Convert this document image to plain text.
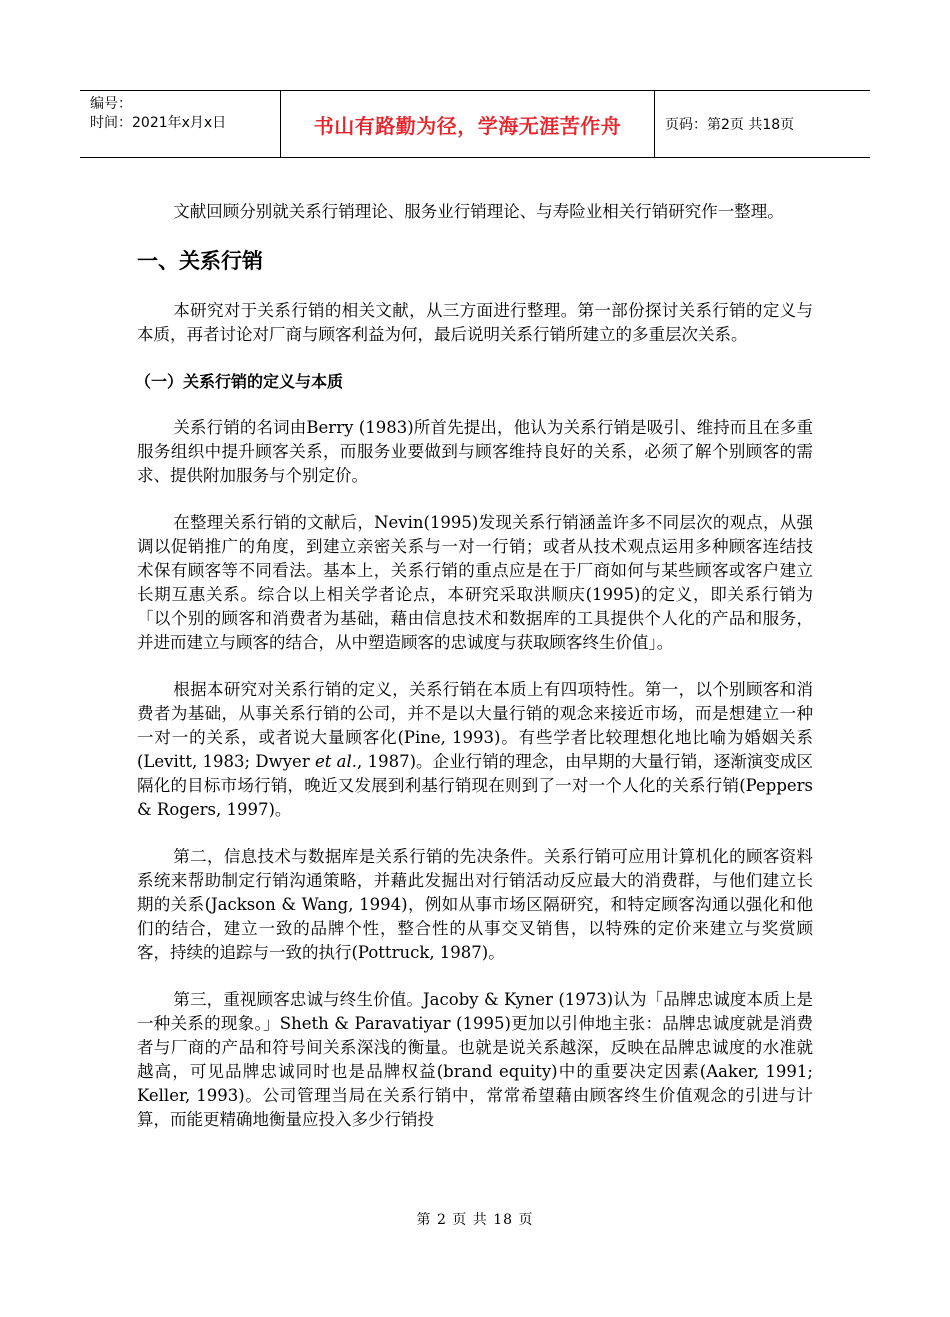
编号：
时间：2021年x月x日	书山有路勤为径，学海无涯苦作舟	页码：第2页 共18页

文献回顾分别就关系行销理论、服务业行销理论、与寿险业相关行销研究作一整理。

一、关系行销

本研究对于关系行销的相关文献，从三方面进行整理。第一部份探讨关系行销的定义与本质，再者讨论对厂商与顾客利益为何，最后说明关系行销所建立的多重层次关系。

（一）关系行销的定义与本质

关系行销的名词由Berry (1983)所首先提出，他认为关系行销是吸引、维持而且在多重服务组织中提升顾客关系，而服务业要做到与顾客维持良好的关系，必须了解个别顾客的需求、提供附加服务与个别定价。

在整理关系行销的文献后，Nevin(1995)发现关系行销涵盖许多不同层次的观点，从强调以促销推广的角度，到建立亲密关系与一对一行销；或者从技术观点运用多种顾客连结技术保有顾客等不同看法。基本上，关系行销的重点应是在于厂商如何与某些顾客或客户建立长期互惠关系。综合以上相关学者论点，本研究采取洪顺庆(1995)的定义，即关系行销为「以个别的顾客和消费者为基础，藉由信息技术和数据库的工具提供个人化的产品和服务，并进而建立与顾客的结合，从中塑造顾客的忠诚度与获取顾客终生价值」。

根据本研究对关系行销的定义，关系行销在本质上有四项特性。第一，以个别顾客和消费者为基础，从事关系行销的公司，并不是以大量行销的观念来接近市场，而是想建立一种一对一的关系，或者说大量顾客化(Pine, 1993)。有些学者比较理想化地比喻为婚姻关系(Levitt, 1983; Dwyer et al., 1987)。企业行销的理念，由早期的大量行销，逐渐演变成区隔化的目标市场行销，晚近又发展到利基行销现在则到了一对一个人化的关系行销(Peppers & Rogers, 1997)。

第二，信息技术与数据库是关系行销的先决条件。关系行销可应用计算机化的顾客资料系统来帮助制定行销沟通策略，并藉此发掘出对行销活动反应最大的消费群，与他们建立长期的关系(Jackson & Wang, 1994)，例如从事市场区隔研究，和特定顾客沟通以强化和他们的结合，建立一致的品牌个性，整合性的从事交叉销售，以特殊的定价来建立与奖赏顾客，持续的追踪与一致的执行(Pottruck, 1987)。

第三，重视顾客忠诚与终生价值。Jacoby & Kyner (1973)认为「品牌忠诚度本质上是一种关系的现象。」Sheth & Paravatiyar (1995)更加以引伸地主张：品牌忠诚度就是消费者与厂商的产品和符号间关系深浅的衡量。也就是说关系越深，反映在品牌忠诚度的水准就越高，可见品牌忠诚同时也是品牌权益(brand equity)中的重要决定因素(Aaker, 1991; Keller, 1993)。公司管理当局在关系行销中，常常希望藉由顾客终生价值观念的引进与计算，而能更精确地衡量应投入多少行销投

第 2 页 共 18 页
